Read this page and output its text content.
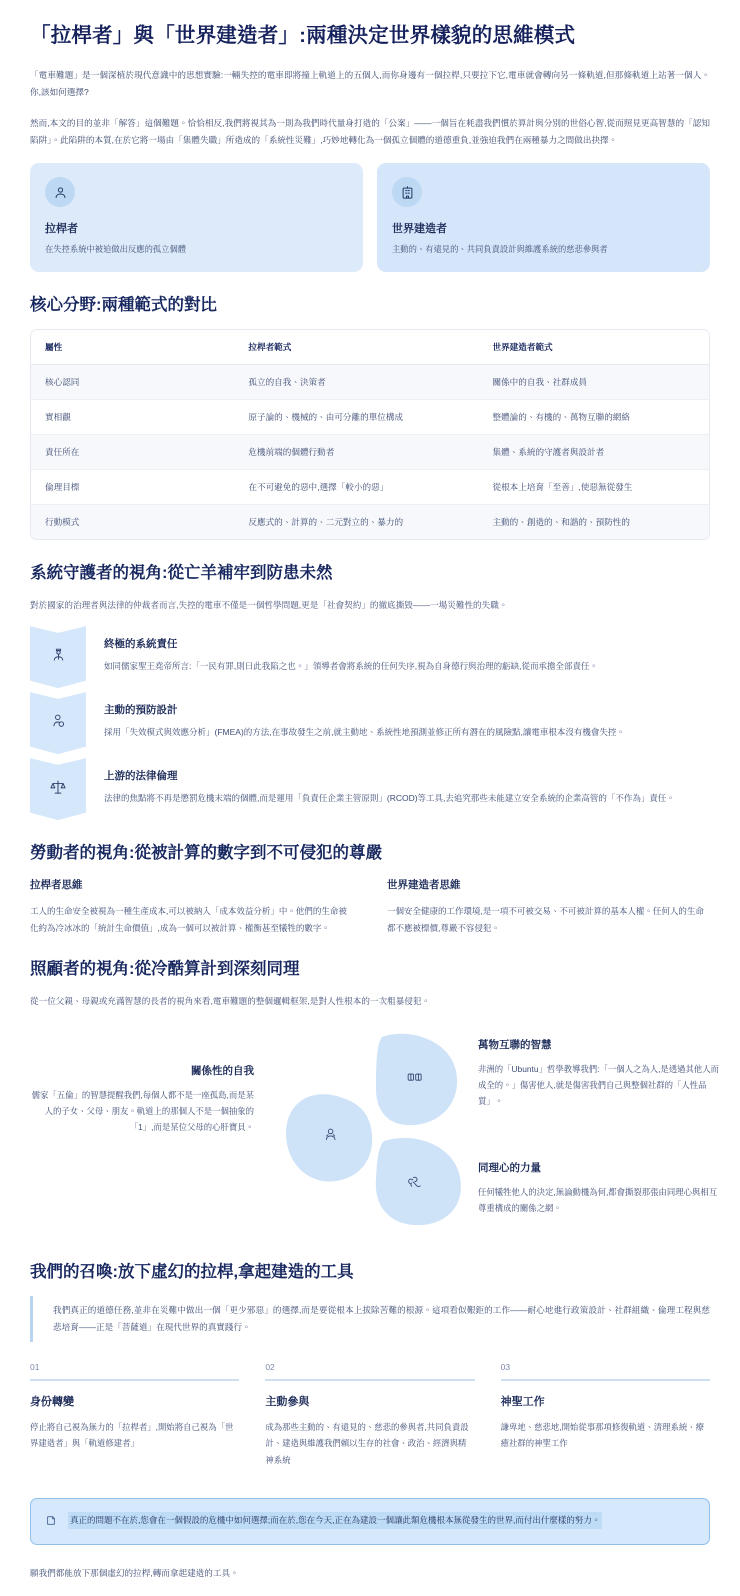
「拉桿者」與「世界建造者」:兩種決定世界樣貌的思維模式

「電車難題」是一個深植於現代意識中的思想實驗:一輛失控的電車即將撞上軌道上的五個人,而你身邊有一個拉桿,只要拉下它,電車就會轉向另一條軌道,但那條軌道上站著一個人。你,該如何選擇?

然而,本文的目的並非「解答」這個難題。恰恰相反,我們將視其為一則為我們時代量身打造的「公案」——一個旨在耗盡我們慣於算計與分別的世俗心智,從而照見更高智慧的「認知陷阱」。此陷阱的本質,在於它將一場由「集體失職」所造成的「系統性災難」,巧妙地轉化為一個孤立個體的道德重負,並強迫我們在兩種暴力之間做出抉擇。

拉桿者
在失控系統中被迫做出反應的孤立個體
世界建造者
主動的、有遠見的、共同負責設計與維護系統的慈悲參與者
核心分野:兩種範式的對比
屬性	拉桿者範式	世界建造者範式
核心認同	孤立的自我、決策者	關係中的自我、社群成員
實相觀	原子論的、機械的、由可分離的單位構成	整體論的、有機的、萬物互聯的網絡
責任所在	危機前端的個體行動者	集體、系統的守護者與設計者
倫理目標	在不可避免的惡中,選擇「較小的惡」	從根本上培育「至善」,使惡無從發生
行動模式	反應式的、計算的、二元對立的、暴力的	主動的、創造的、和諧的、預防性的
系統守護者的視角:從亡羊補牢到防患未然

對於國家的治理者與法律的仲裁者而言,失控的電車不僅是一個哲學問題,更是「社會契約」的徹底撕毀——一場災難性的失職。

終極的系統責任
如同儒家聖王堯帝所言:「一民有罪,則曰此我陷之也。」領導者會將系統的任何失序,視為自身德行與治理的虧缺,從而承擔全部責任。
主動的預防設計
採用「失效模式與效應分析」(FMEA)的方法,在事故發生之前,就主動地、系統性地預測並修正所有潛在的風險點,讓電車根本沒有機會失控。
上游的法律倫理
法律的焦點將不再是懲罰危機末端的個體,而是運用「負責任企業主管原則」(RCOD)等工具,去追究那些未能建立安全系統的企業高管的「不作為」責任。
勞動者的視角:從被計算的數字到不可侵犯的尊嚴
拉桿者思維
工人的生命安全被視為一種生產成本,可以被納入「成本效益分析」中。他們的生命被化約為冷冰冰的「統計生命價值」,成為一個可以被計算、權衡甚至犧牲的數字。
世界建造者思維
一個安全健康的工作環境,是一項不可被交易、不可被計算的基本人權。任何人的生命都不應被標價,尊嚴不容侵犯。
照顧者的視角:從冷酷算計到深刻同理

從一位父親、母親或充滿智慧的長者的視角來看,電車難題的整個邏輯框架,是對人性根本的一次粗暴侵犯。

關係性的自我
儒家「五倫」的智慧提醒我們,每個人都不是一座孤島,而是某人的子女、父母、朋友。軌道上的那個人不是一個抽象的「1」,而是某位父母的心肝寶貝。
萬物互聯的智慧
非洲的「Ubuntu」哲學教導我們:「一個人之為人,是透過其他人而成全的。」傷害他人,就是傷害我們自己與整個社群的「人性品質」。
同理心的力量
任何犧牲他人的決定,無論動機為何,都會撕裂那張由同理心與相互尊重構成的關係之網。
我們的召喚:放下虛幻的拉桿,拿起建造的工具
我們真正的道德任務,並非在災難中做出一個「更少邪惡」的選擇,而是要從根本上拔除苦難的根源。這項看似艱鉅的工作——耐心地進行政策設計、社群組織、倫理工程與慈悲培育——正是「菩薩道」在現代世界的真實踐行。
01
身份轉變
停止將自己視為無力的「拉桿者」,開始將自己視為「世界建造者」與「軌道修建者」
02
主動參與
成為那些主動的、有遠見的、慈悲的參與者,共同負責設計、建造與維護我們賴以生存的社會、政治、經濟與精神系統
03
神聖工作
謙卑地、慈悲地,開始從事那項修復軌道、清理系統、療癒社群的神聖工作
真正的問題不在於,您會在一個假設的危機中如何選擇;而在於,您在今天,正在為建設一個讓此類危機根本無從發生的世界,而付出什麼樣的努力。

願我們都能放下那個虛幻的拉桿,轉而拿起建造的工具。
